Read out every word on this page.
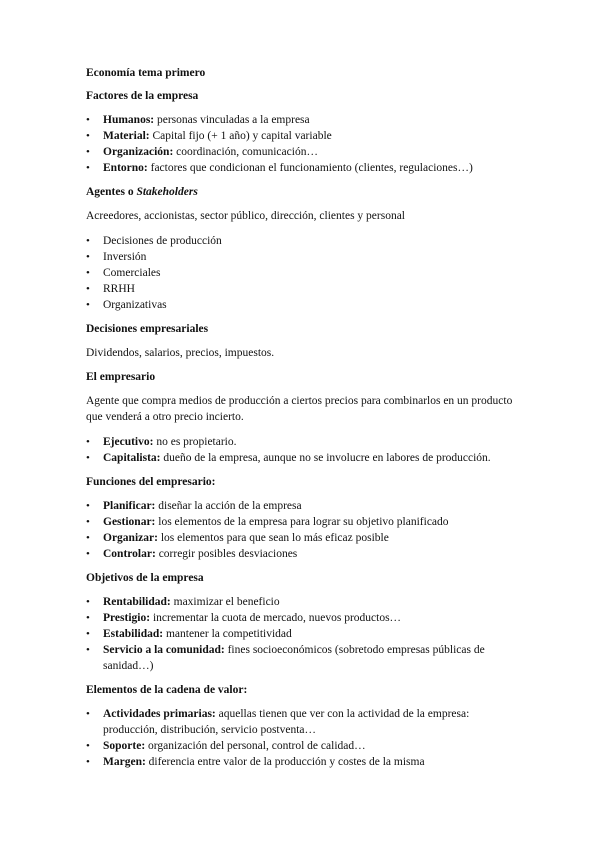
Economía tema primero

Factores de la empresa

• Humanos: personas vinculadas a la empresa
• Material: Capital fijo (+ 1 año) y capital variable
• Organización: coordinación, comunicación…
• Entorno: factores que condicionan el funcionamiento (clientes, regulaciones…)

Agentes o Stakeholders

Acreedores, accionistas, sector público, dirección, clientes y personal

• Decisiones de producción
• Inversión
• Comerciales
• RRHH
• Organizativas

Decisiones empresariales

Dividendos, salarios, precios, impuestos.

El empresario

Agente que compra medios de producción a ciertos precios para combinarlos en un producto que venderá a otro precio incierto.

• Ejecutivo: no es propietario.
• Capitalista: dueño de la empresa, aunque no se involucre en labores de producción.

Funciones del empresario:

• Planificar: diseñar la acción de la empresa
• Gestionar: los elementos de la empresa para lograr su objetivo planificado
• Organizar: los elementos para que sean lo más eficaz posible
• Controlar: corregir posibles desviaciones

Objetivos de la empresa

• Rentabilidad: maximizar el beneficio
• Prestigio: incrementar la cuota de mercado, nuevos productos…
• Estabilidad: mantener la competitividad
• Servicio a la comunidad: fines socioeconómicos (sobretodo empresas públicas de sanidad…)

Elementos de la cadena de valor:

• Actividades primarias: aquellas tienen que ver con la actividad de la empresa: producción, distribución, servicio postventa…
• Soporte: organización del personal, control de calidad…
• Margen: diferencia entre valor de la producción y costes de la misma
